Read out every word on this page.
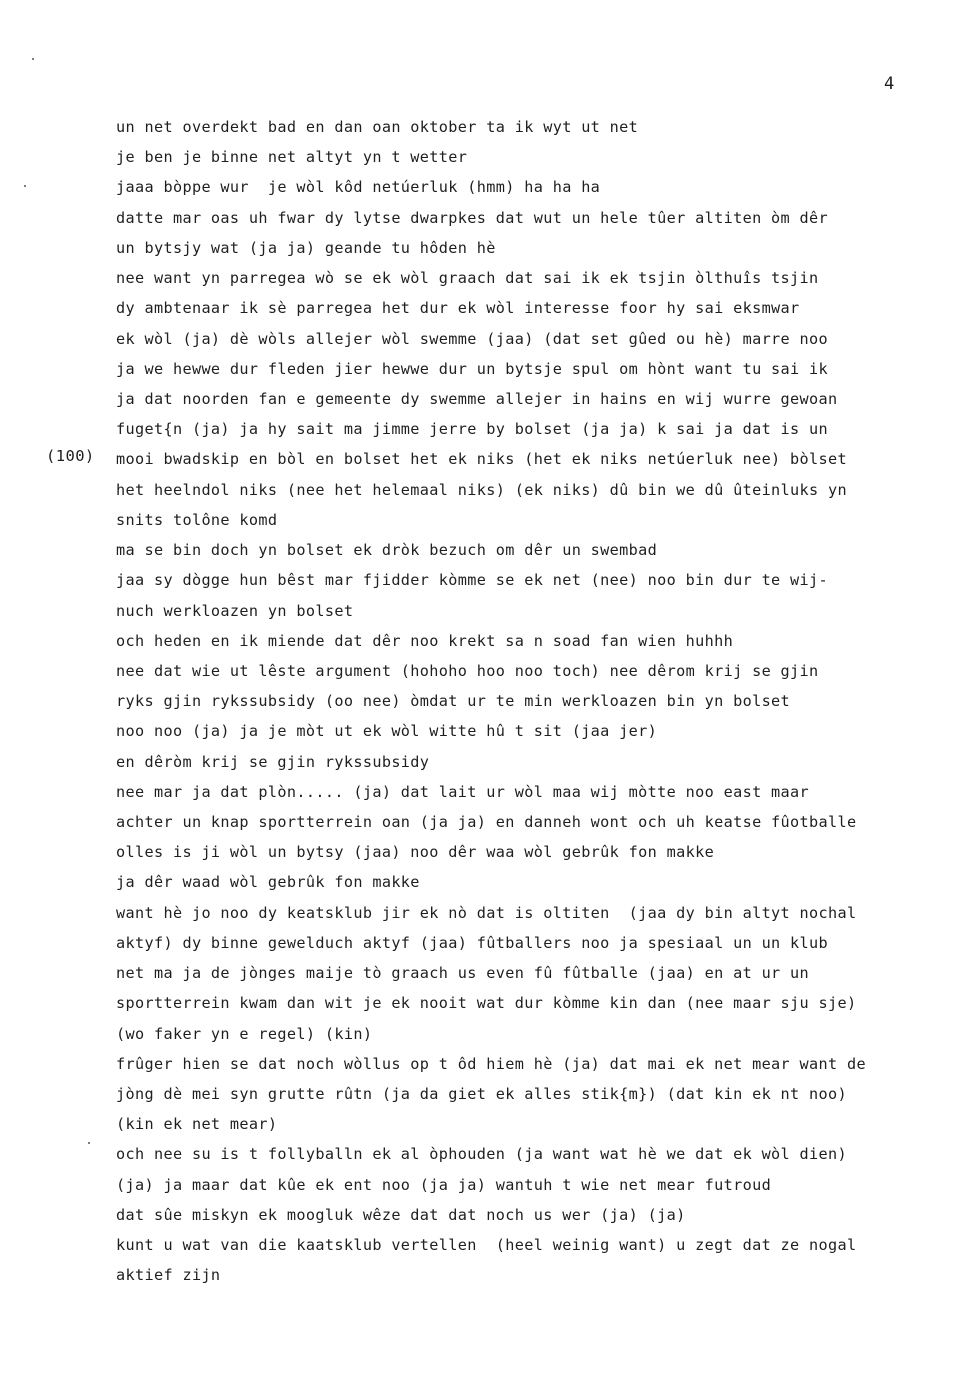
4
(100)
un net overdekt bad en dan oan oktober ta ik wyt ut net
je ben je binne net altyt yn t wetter
jaaa bòppe wur  je wòl kôd netúerluk (hmm) ha ha ha
datte mar oas uh fwar dy lytse dwarpkes dat wut un hele tûer altiten òm dêr
un bytsjy wat (ja ja) geande tu hôden hè
nee want yn parregea wò se ek wòl graach dat sai ik ek tsjin òlthuîs tsjin
dy ambtenaar ik sè parregea het dur ek wòl interesse foor hy sai eksmwar
ek wòl (ja) dè wòls allejer wòl swemme (jaa) (dat set gûed ou hè) marre noo
ja we hewwe dur fleden jier hewwe dur un bytsje spul om hònt want tu sai ik
ja dat noorden fan e gemeente dy swemme allejer in hains en wij wurre gewoan
fuget{n (ja) ja hy sait ma jimme jerre by bolset (ja ja) k sai ja dat is un
mooi bwadskip en bòl en bolset het ek niks (het ek niks netúerluk nee) bòlset
het heelndol niks (nee het helemaal niks) (ek niks) dû bin we dû ûteinluks yn
snits tolône komd
ma se bin doch yn bolset ek dròk bezuch om dêr un swembad
jaa sy dògge hun bêst mar fjidder kòmme se ek net (nee) noo bin dur te wij-
nuch werkloazen yn bolset
och heden en ik miende dat dêr noo krekt sa n soad fan wien huhhh
nee dat wie ut lêste argument (hohoho hoo noo toch) nee dêrom krij se gjin
ryks gjin rykssubsidy (oo nee) òmdat ur te min werkloazen bin yn bolset
noo noo (ja) ja je mòt ut ek wòl witte hû t sit (jaa jer)
en dêròm krij se gjin rykssubsidy
nee mar ja dat plòn..... (ja) dat lait ur wòl maa wij mòtte noo east maar
achter un knap sportterrein oan (ja ja) en danneh wont och uh keatse fûotballe
olles is ji wòl un bytsy (jaa) noo dêr waa wòl gebrûk fon makke
ja dêr waad wòl gebrûk fon makke
want hè jo noo dy keatsklub jir ek nò dat is oltiten  (jaa dy bin altyt nochal
aktyf) dy binne gewelduch aktyf (jaa) fûtballers noo ja spesiaal un un klub
net ma ja de jònges maije tò graach us even fû fûtballe (jaa) en at ur un
sportterrein kwam dan wit je ek nooit wat dur kòmme kin dan (nee maar sju sje)
(wo faker yn e regel) (kin)
frûger hien se dat noch wòllus op t ôd hiem hè (ja) dat mai ek net mear want de
jòng dè mei syn grutte rûtn (ja da giet ek alles stik{m}) (dat kin ek nt noo)
(kin ek net mear)
och nee su is t follyballn ek al òphouden (ja want wat hè we dat ek wòl dien)
(ja) ja maar dat kûe ek ent noo (ja ja) wantuh t wie net mear futroud
dat sûe miskyn ek moogluk wêze dat dat noch us wer (ja) (ja)
kunt u wat van die kaatsklub vertellen  (heel weinig want) u zegt dat ze nogal
aktief zijn
